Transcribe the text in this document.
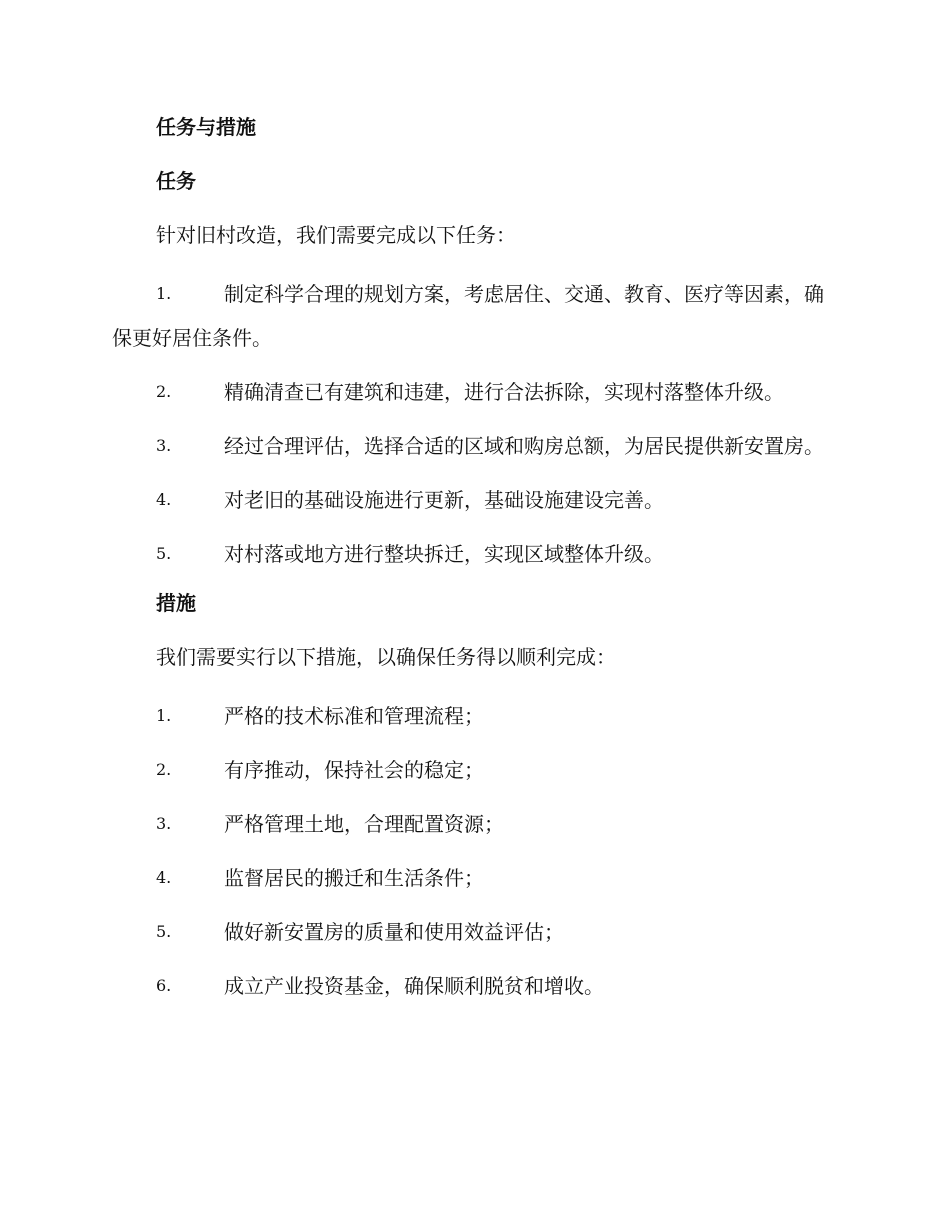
任务与措施
任务
针对旧村改造，我们需要完成以下任务：
1.	制定科学合理的规划方案，考虑居住、交通、教育、医疗等因素，确保更好居住条件。
2.	精确清查已有建筑和违建，进行合法拆除，实现村落整体升级。
3.	经过合理评估，选择合适的区域和购房总额，为居民提供新安置房。
4.	对老旧的基础设施进行更新，基础设施建设完善。
5.	对村落或地方进行整块拆迁，实现区域整体升级。
措施
我们需要实行以下措施，以确保任务得以顺利完成：
1.	严格的技术标准和管理流程；
2.	有序推动，保持社会的稳定；
3.	严格管理土地，合理配置资源；
4.	监督居民的搬迁和生活条件；
5.	做好新安置房的质量和使用效益评估；
6.	成立产业投资基金，确保顺利脱贫和增收。
